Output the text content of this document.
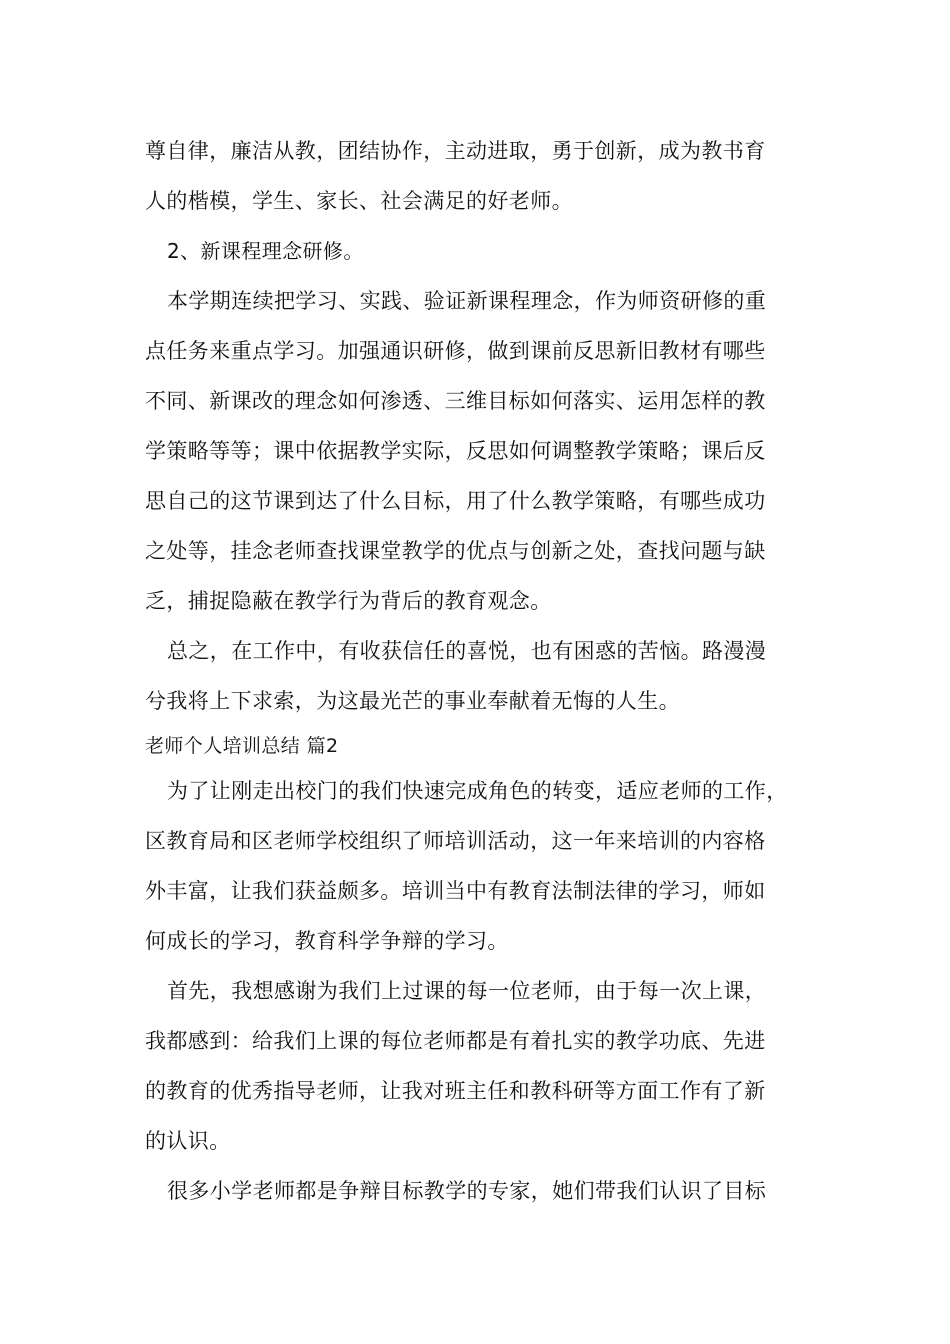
尊自律，廉洁从教，团结协作，主动进取，勇于创新，成为教书育
人的楷模，学生、家长、社会满足的好老师。
2、新课程理念研修。
本学期连续把学习、实践、验证新课程理念，作为师资研修的重
点任务来重点学习。加强通识研修，做到课前反思新旧教材有哪些
不同、新课改的理念如何渗透、三维目标如何落实、运用怎样的教
学策略等等；课中依据教学实际，反思如何调整教学策略；课后反
思自己的这节课到达了什么目标，用了什么教学策略，有哪些成功
之处等，挂念老师查找课堂教学的优点与创新之处，查找问题与缺
乏，捕捉隐蔽在教学行为背后的教育观念。
总之，在工作中，有收获信任的喜悦，也有困惑的苦恼。路漫漫
兮我将上下求索，为这最光芒的事业奉献着无悔的人生。
老师个人培训总结 篇2
为了让刚走出校门的我们快速完成角色的转变，适应老师的工作，
区教育局和区老师学校组织了师培训活动，这一年来培训的内容格
外丰富，让我们获益颇多。培训当中有教育法制法律的学习，师如
何成长的学习，教育科学争辩的学习。
首先，我想感谢为我们上过课的每一位老师，由于每一次上课，
我都感到：给我们上课的每位老师都是有着扎实的教学功底、先进
的教育的优秀指导老师，让我对班主任和教科研等方面工作有了新
的认识。
很多小学老师都是争辩目标教学的专家，她们带我们认识了目标
